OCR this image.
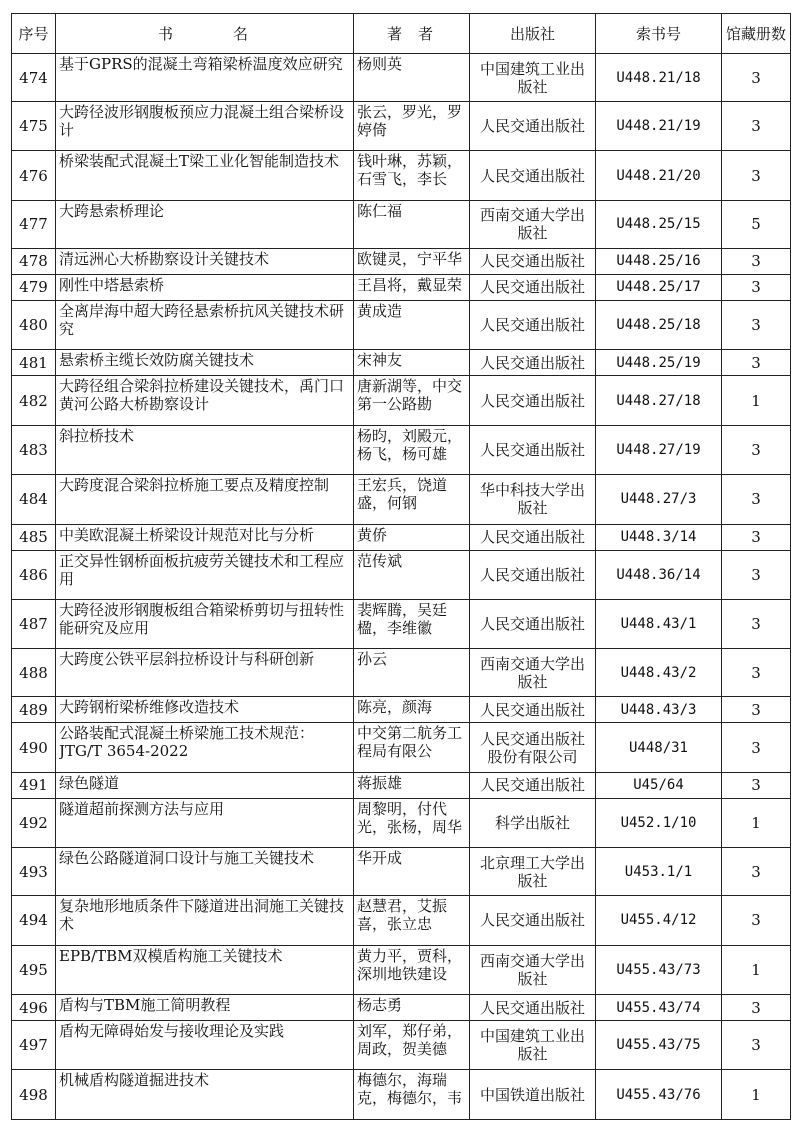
序号	书名	著者	出版社	索书号	馆藏册数
474	基于GPRS的混凝土弯箱梁桥温度效应研究	杨则英	中国建筑工业出版社	U448.21/18	3
475	大跨径波形钢腹板预应力混凝土组合梁桥设计	张云，罗光，罗婷倚	人民交通出版社	U448.21/19	3
476	桥梁装配式混凝土T梁工业化智能制造技术	钱叶琳，苏颖，石雪飞，李长	人民交通出版社	U448.21/20	3
477	大跨悬索桥理论	陈仁福	西南交通大学出版社	U448.25/15	5
478	清远洲心大桥勘察设计关键技术	欧键灵，宁平华	人民交通出版社	U448.25/16	3
479	刚性中塔悬索桥	王昌将，戴显荣	人民交通出版社	U448.25/17	3
480	全离岸海中超大跨径悬索桥抗风关键技术研究	黄成造	人民交通出版社	U448.25/18	3
481	悬索桥主缆长效防腐关键技术	宋神友	人民交通出版社	U448.25/19	3
482	大跨径组合梁斜拉桥建设关键技术，禹门口黄河公路大桥勘察设计	唐新湖等，中交第一公路勘	人民交通出版社	U448.27/18	1
483	斜拉桥技术	杨昀，刘殿元，杨飞，杨可雄	人民交通出版社	U448.27/19	3
484	大跨度混合梁斜拉桥施工要点及精度控制	王宏兵，饶道盛，何钢	华中科技大学出版社	U448.27/3	3
485	中美欧混凝土桥梁设计规范对比与分析	黄侨	人民交通出版社	U448.3/14	3
486	正交异性钢桥面板抗疲劳关键技术和工程应用	范传斌	人民交通出版社	U448.36/14	3
487	大跨径波形钢腹板组合箱梁桥剪切与扭转性能研究及应用	裴辉腾，吴廷楹，李维徽	人民交通出版社	U448.43/1	3
488	大跨度公铁平层斜拉桥设计与科研创新	孙云	西南交通大学出版社	U448.43/2	3
489	大跨钢桁梁桥维修改造技术	陈亮，颜海	人民交通出版社	U448.43/3	3
490	公路装配式混凝土桥梁施工技术规范：JTG/T 3654-2022	中交第二航务工程局有限公	人民交通出版社股份有限公司	U448/31	3
491	绿色隧道	蒋振雄	人民交通出版社	U45/64	3
492	隧道超前探测方法与应用	周黎明，付代光，张杨，周华	科学出版社	U452.1/10	1
493	绿色公路隧道洞口设计与施工关键技术	华开成	北京理工大学出版社	U453.1/1	3
494	复杂地形地质条件下隧道进出洞施工关键技术	赵慧君，艾振喜，张立忠	人民交通出版社	U455.4/12	3
495	EPB/TBM双模盾构施工关键技术	黄力平，贾科，深圳地铁建设	西南交通大学出版社	U455.43/73	1
496	盾构与TBM施工简明教程	杨志勇	人民交通出版社	U455.43/74	3
497	盾构无障碍始发与接收理论及实践	刘军，郑仔弟，周政，贺美德	中国建筑工业出版社	U455.43/75	3
498	机械盾构隧道掘进技术	梅德尔，海瑞克，梅德尔，韦	中国铁道出版社	U455.43/76	1
